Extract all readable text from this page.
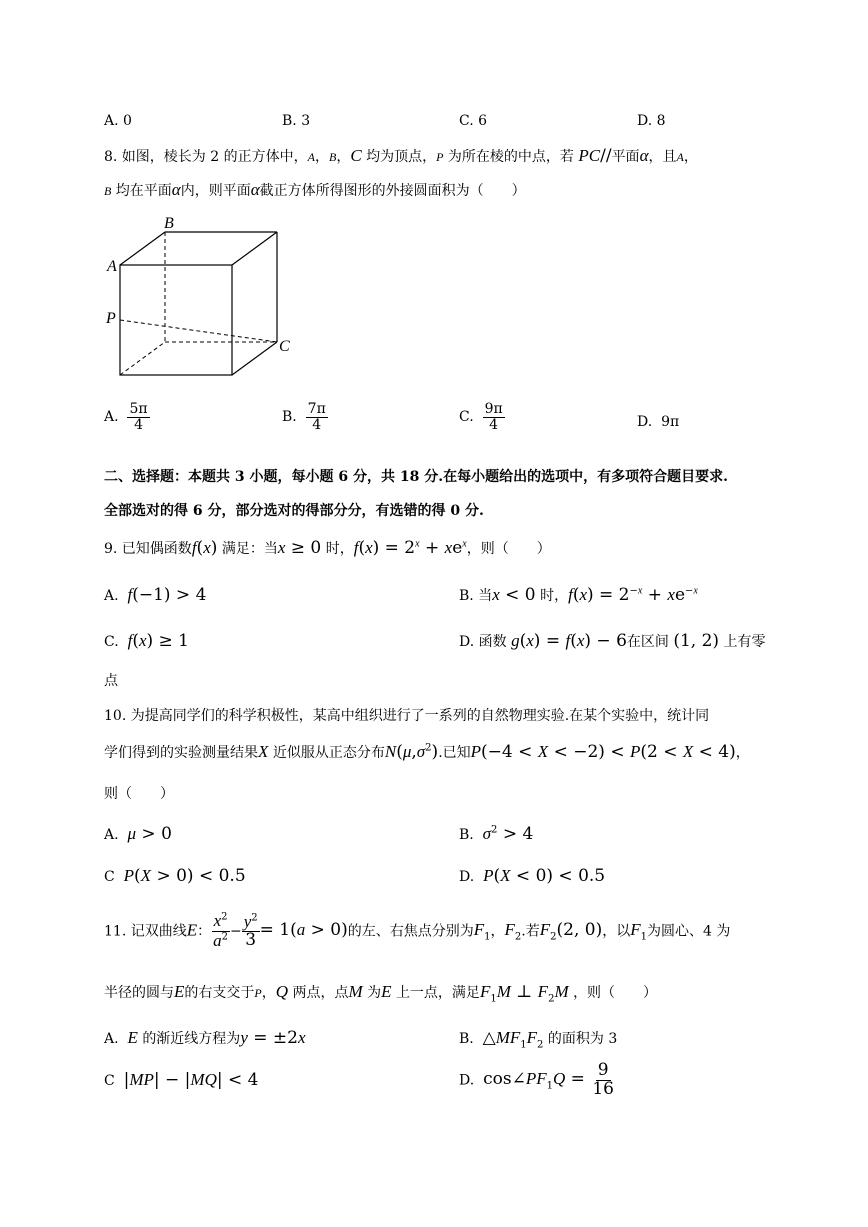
A. 0	B. 3	C. 6	D. 8
8. 如图，棱长为 2 的正方体中，A，B，C 均为顶点，P 为所在棱的中点，若 PC//平面α，且A，
B 均在平面α内，则平面α截正方体所得图形的外接圆面积为（　　）
B
A
P
C
A. $\frac{5\pi}{4}$	B. $\frac{7\pi}{4}$	C. $\frac{9\pi}{4}$	D. 9π
二、选择题：本题共 3 小题，每小题 6 分，共 18 分.在每小题给出的选项中，有多项符合题目要求.
全部选对的得 6 分，部分选对的得部分分，有选错的得 0 分.
9. 已知偶函数f(x) 满足：当x ≥ 0 时，$f(x) = 2^x + xe^x$，则（　　）
A. f(−1) > 4	B. 当x < 0 时，$f(x) = 2^{-x} + xe^{-x}$
C. f(x) ≥ 1	D. 函数 g(x) = f(x) − 6在区间 (1, 2) 上有零
点
10. 为提高同学们的科学积极性，某高中组织进行了一系列的自然物理实验.在某个实验中，统计同
学们得到的实验测量结果X 近似服从正态分布$N(\mu,\sigma^2)$.已知P(−4 < X < −2) < P(2 < X < 4)，
则（　　）
A. μ > 0	B. $\sigma^2 > 4$
C P(X > 0) < 0.5	D. P(X < 0) < 0.5
11. 记双曲线E： $\frac{x^2}{a^2} - \frac{y^2}{3} = 1(a > 0)$的左、右焦点分别为$F_1$，$F_2$.若$F_2(2$, 0)，以$F_1$为圆心、4 为
半径的圆与E的右支交于P，Q 两点，点M 为E 上一点，满足$F_1M$ ⊥ $F_2M$ ，则（　　）
A. E 的渐近线方程为y = ±2x	B. $\triangle MF_1F_2$ 的面积为 3
C |MP| − |MQ| < 4	D. $\cos\angle PF_1Q = \frac{9}{16}$
